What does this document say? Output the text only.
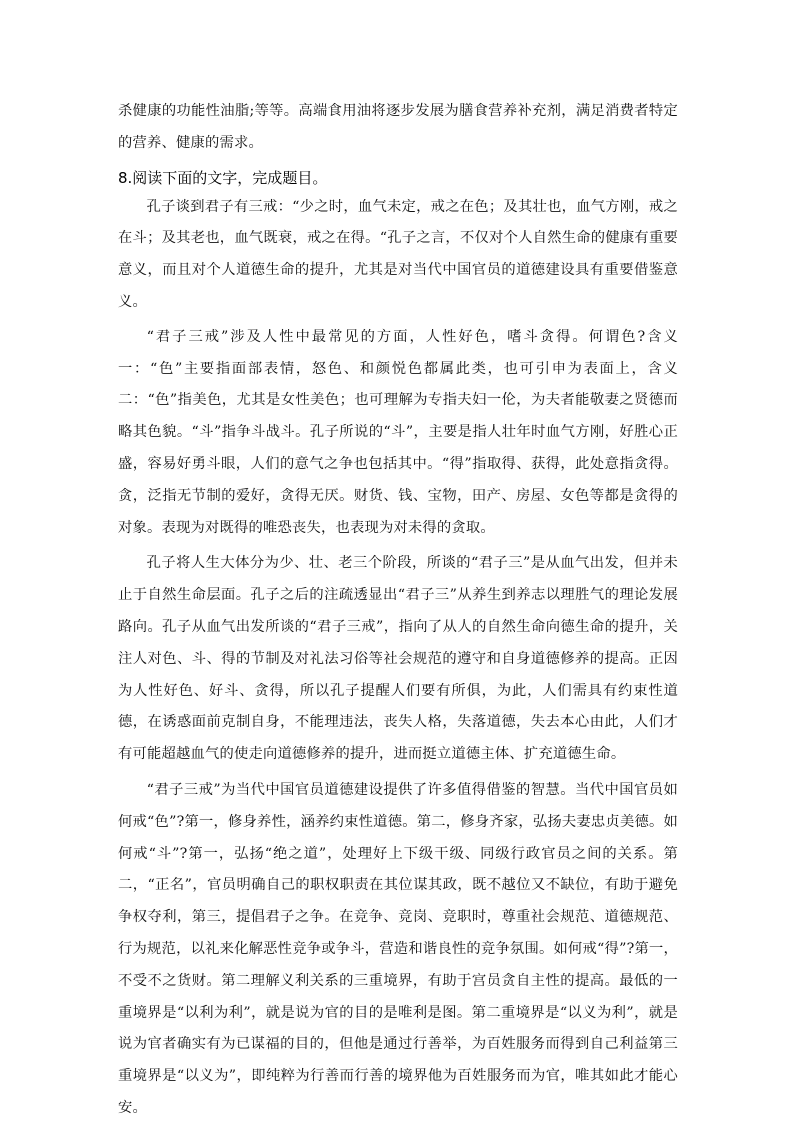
杀健康的功能性油脂;等等。高端食用油将逐步发展为膳食营养补充剂，满足消费者特定的营养、健康的需求。

8.阅读下面的文字，完成题目。

孔子谈到君子有三戒：“少之时，血气未定，戒之在色；及其壮也，血气方刚，戒之在斗；及其老也，血气既衰，戒之在得。“孔子之言，不仅对个人自然生命的健康有重要意义，而且对个人道德生命的提升，尤其是对当代中国官员的道德建设具有重要借鉴意义。

“君子三戒”涉及人性中最常见的方面，人性好色，嗜斗贪得。何谓色?含义一：“色”主要指面部表情，怒色、和颜悦色都属此类，也可引申为表面上，含义二：“色”指美色，尤其是女性美色；也可理解为专指夫妇一伦，为夫者能敬妻之贤德而略其色貌。“斗”指争斗战斗。孔子所说的“斗”，主要是指人壮年时血气方刚，好胜心正盛，容易好勇斗眼，人们的意气之争也包括其中。“得”指取得、获得，此处意指贪得。贪，泛指无节制的爱好，贪得无厌。财货、钱、宝物，田产、房屋、女色等都是贪得的对象。表现为对既得的唯恐丧失，也表现为对未得的贪取。

孔子将人生大体分为少、壮、老三个阶段，所谈的“君子三”是从血气出发，但并未止于自然生命层面。孔子之后的注疏透显出“君子三”从养生到养志以理胜气的理论发展路向。孔子从血气出发所谈的“君子三戒”，指向了从人的自然生命向德生命的提升，关注人对色、斗、得的节制及对礼法习俗等社会规范的遵守和自身道德修养的提高。正因为人性好色、好斗、贪得，所以孔子提醒人们要有所俱，为此，人们需具有约束性道德，在诱惑面前克制自身，不能理违法，丧失人格，失落道德，失去本心由此，人们才有可能超越血气的使走向道德修养的提升，进而挺立道德主体、扩充道德生命。

“君子三戒”为当代中国官员道德建设提供了许多值得借鉴的智慧。当代中国官员如何戒“色”?第一，修身养性，涵养约束性道德。第二，修身齐家，弘扬夫妻忠贞美德。如何戒“斗”?第一，弘扬“绝之道”，处理好上下级干级、同级行政官员之间的关系。第二，“正名”，官员明确自己的职权职责在其位谋其政，既不越位又不缺位，有助于避免争权夺利，第三，提倡君子之争。在竞争、竞岗、竞职时，尊重社会规范、道德规范、行为规范，以礼来化解恶性竞争或争斗，营造和谐良性的竞争氛围。如何戒“得”?第一，不受不之货财。第二理解义利关系的三重境界，有助于宫员贪自主性的提高。最低的一重境界是“以利为利”，就是说为官的目的是唯利是图。第二重境界是“以义为利”，就是说为官者确实有为已谋福的目的，但他是通过行善举，为百姓服务而得到自己利益第三重境界是“以义为”，即纯粹为行善而行善的境界他为百姓服务而为官，唯其如此才能心安。
